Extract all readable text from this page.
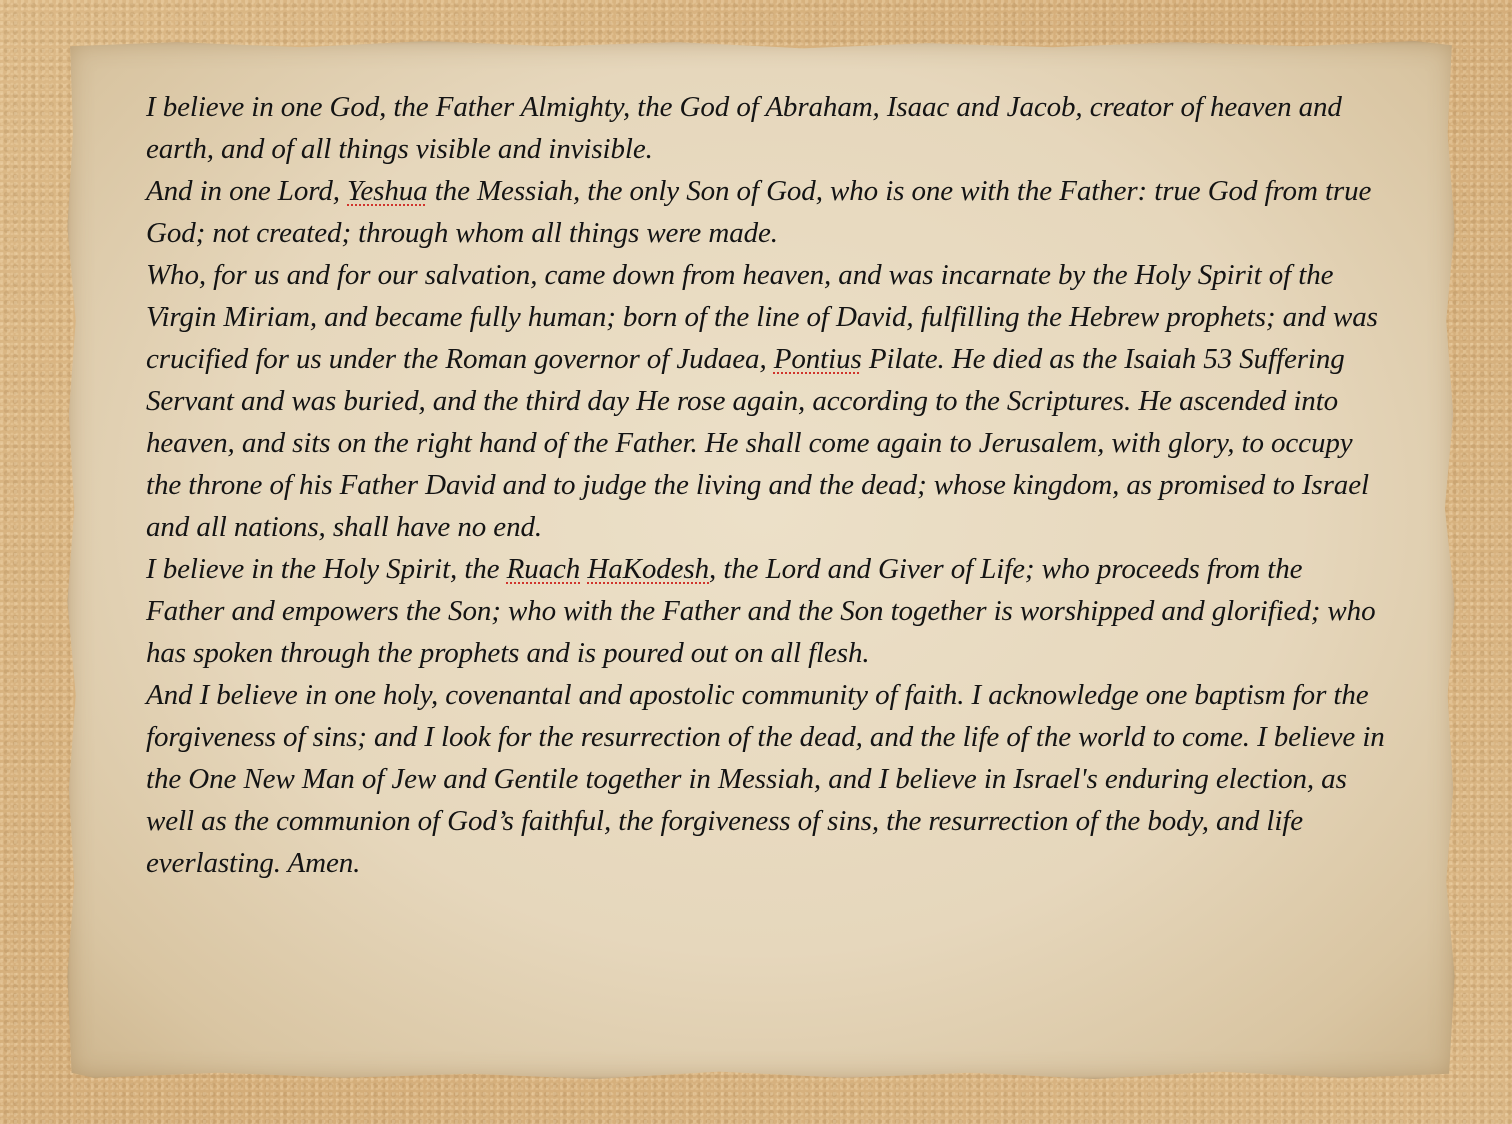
I believe in one God, the Father Almighty, the God of Abraham, Isaac and Jacob, creator of heaven and earth, and of all things visible and invisible.

And in one Lord, Yeshua the Messiah, the only Son of God, who is one with the Father: true God from true God; not created; through whom all things were made.

Who, for us and for our salvation, came down from heaven, and was incarnate by the Holy Spirit of the Virgin Miriam, and became fully human; born of the line of David, fulfilling the Hebrew prophets; and was crucified for us under the Roman governor of Judaea, Pontius Pilate. He died as the Isaiah 53 Suffering Servant and was buried, and the third day He rose again, according to the Scriptures. He ascended into heaven, and sits on the right hand of the Father. He shall come again to Jerusalem, with glory, to occupy the throne of his Father David and to judge the living and the dead; whose kingdom, as promised to Israel and all nations, shall have no end.

I believe in the Holy Spirit, the Ruach HaKodesh, the Lord and Giver of Life; who proceeds from the Father and empowers the Son; who with the Father and the Son together is worshipped and glorified; who has spoken through the prophets and is poured out on all flesh.

And I believe in one holy, covenantal and apostolic community of faith. I acknowledge one baptism for the forgiveness of sins; and I look for the resurrection of the dead, and the life of the world to come. I believe in the One New Man of Jew and Gentile together in Messiah, and I believe in Israel's enduring election, as well as the communion of God’s faithful, the forgiveness of sins, the resurrection of the body, and life everlasting. Amen.
